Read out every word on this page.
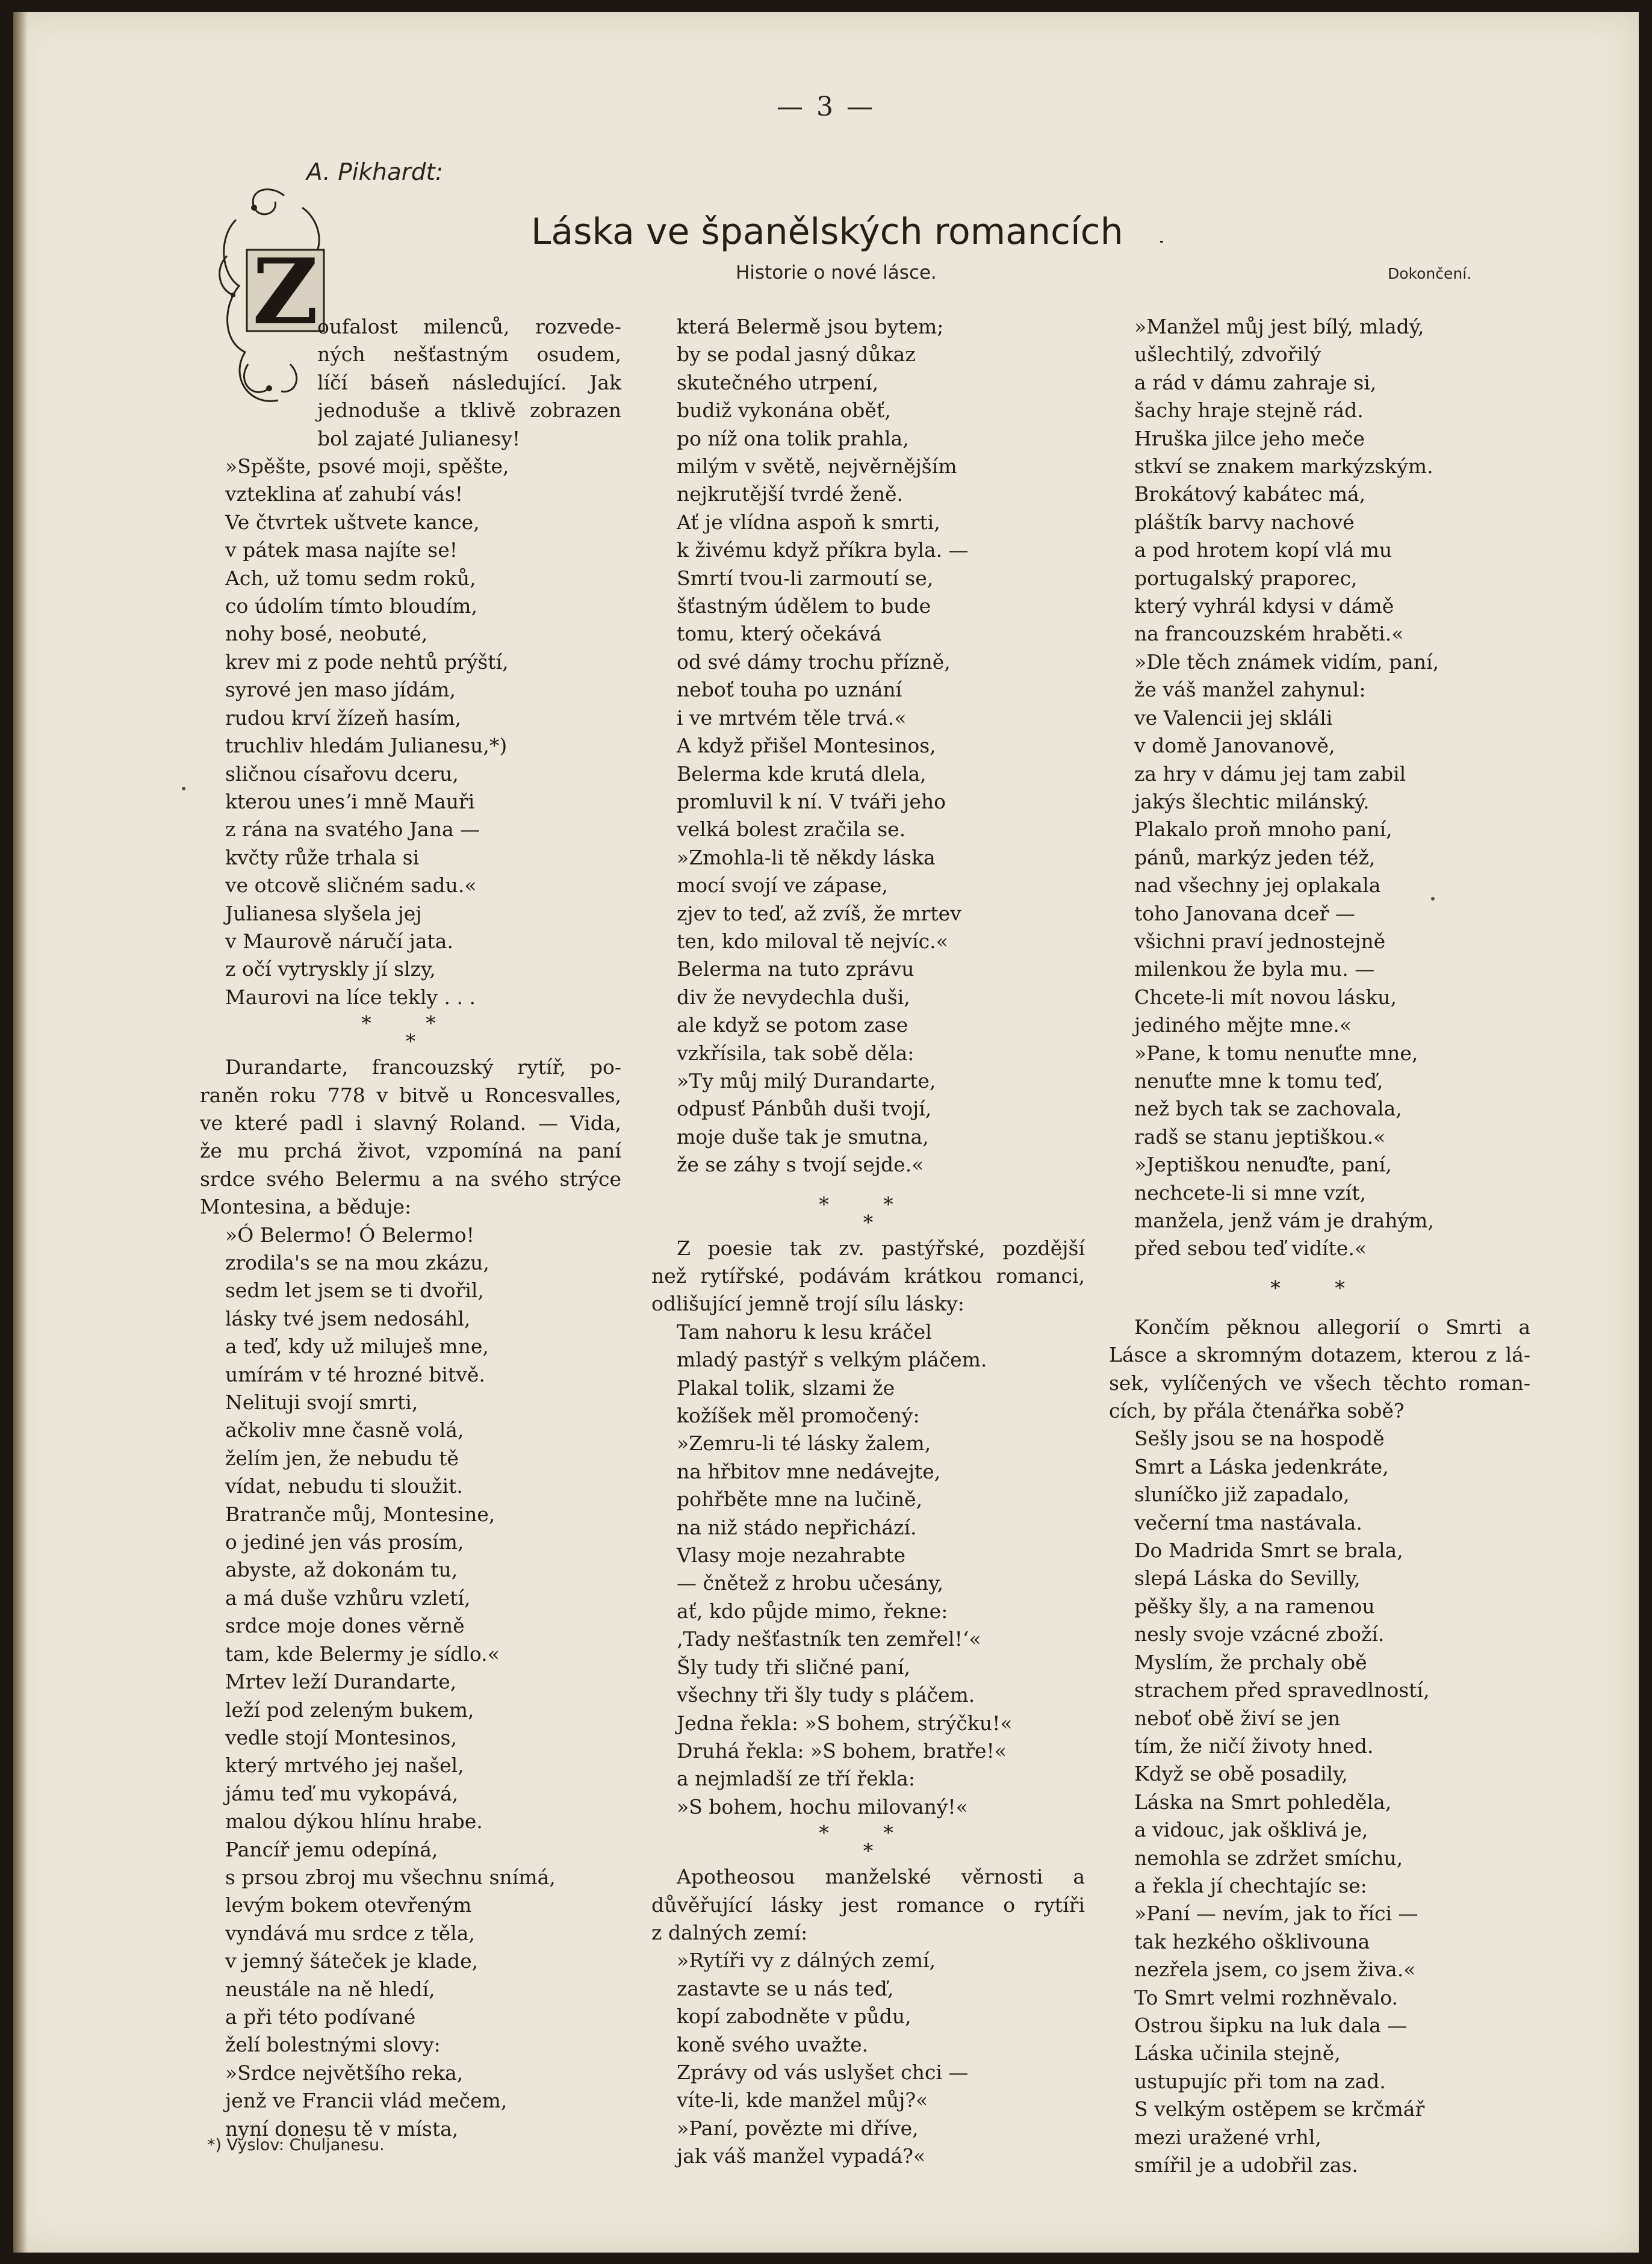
— 3 —
A. Pikhardt:
Z
Láska ve španělských romancích
Historie o nové lásce.	Dokončení.
oufalost milenců, rozvede-
ných nešťastným osudem,
líčí báseň následující. Jak
jednoduše a tklivě zobrazen
bol zajaté Julianesy!
»Spěšte, psové moji, spěšte,
vzteklina ať zahubí vás!
Ve čtvrtek uštvete kance,
v pátek masa najíte se!
Ach, už tomu sedm roků,
co údolím tímto bloudím,
nohy bosé, neobuté,
krev mi z pode nehtů prýští,
syrové jen maso jídám,
rudou krví žízeň hasím,
truchliv hledám Julianesu,*)
sličnou císařovu dceru,
kterou unesʼi mně Mauři
z rána na svatého Jana —
kvčty růže trhala si
ve otcově sličném sadu.«
Julianesa slyšela jej
v Maurově náručí jata.
z očí vytryskly jí slzy,
Maurovi na líce tekly . . .
* *
*
Durandarte, francouzský rytíř, po-
raněn roku 778 v bitvě u Roncesvalles,
ve které padl i slavný Roland. — Vida,
že mu prchá život, vzpomíná na paní
srdce svého Belermu a na svého strýce
Montesina, a běduje:
»Ó Belermo! Ó Belermo!
zrodila's se na mou zkázu,
sedm let jsem se ti dvořil,
lásky tvé jsem nedosáhl,
a teď, kdy už miluješ mne,
umírám v té hrozné bitvě.
Nelituji svojí smrti,
ačkoliv mne časně volá,
želím jen, že nebudu tě
vídat, nebudu ti sloužit.
Bratranče můj, Montesine,
o jediné jen vás prosím,
abyste, až dokonám tu,
a má duše vzhůru vzletí,
srdce moje dones věrně
tam, kde Belermy je sídlo.«
Mrtev leží Durandarte,
leží pod zeleným bukem,
vedle stojí Montesinos,
který mrtvého jej našel,
jámu teď mu vykopává,
malou dýkou hlínu hrabe.
Pancíř jemu odepíná,
s prsou zbroj mu všechnu snímá,
levým bokem otevřeným
vyndává mu srdce z těla,
v jemný šáteček je klade,
neustále na ně hledí,
a při této podívané
želí bolestnými slovy:
»Srdce největšího reka,
jenž ve Francii vlád mečem,
nyní donesu tě v místa,
která Belermě jsou bytem;
by se podal jasný důkaz
skutečného utrpení,
budiž vykonána oběť,
po níž ona tolik prahla,
milým v světě, nejvěrnějším
nejkrutější tvrdé ženě.
Ať je vlídna aspoň k smrti,
k živému když příkra byla. —
Smrtí tvou-li zarmoutí se,
šťastným údělem to bude
tomu, který očekává
od své dámy trochu přízně,
neboť touha po uznání
i ve mrtvém těle trvá.«
A když přišel Montesinos,
Belerma kde krutá dlela,
promluvil k ní. V tváři jeho
velká bolest zračila se.
»Zmohla-li tě někdy láska
mocí svojí ve zápase,
zjev to teď, až zvíš, že mrtev
ten, kdo miloval tě nejvíc.«
Belerma na tuto zprávu
div že nevydechla duši,
ale když se potom zase
vzkřísila, tak sobě děla:
»Ty můj milý Durandarte,
odpusť Pánbůh duši tvojí,
moje duše tak je smutna,
že se záhy s tvojí sejde.«
* *
*
Z poesie tak zv. pastýřské, pozdější
než rytířské, podávám krátkou romanci,
odlišující jemně trojí sílu lásky:
Tam nahoru k lesu kráčel
mladý pastýř s velkým pláčem.
Plakal tolik, slzami že
kožíšek měl promočený:
»Zemru-li té lásky žalem,
na hřbitov mne nedávejte,
pohřběte mne na lučině,
na niž stádo nepřichází.
Vlasy moje nezahrabte
— čnětež z hrobu učesány,
ať, kdo půjde mimo, řekne:
‚Tady nešťastník ten zemřel!‘«
Šly tudy tři sličné paní,
všechny tři šly tudy s pláčem.
Jedna řekla: »S bohem, strýčku!«
Druhá řekla: »S bohem, bratře!«
a nejmladší ze tří řekla:
»S bohem, hochu milovaný!«
* *
*
Apotheosou manželské věrnosti a
důvěřující lásky jest romance o rytíři
z dalných zemí:
»Rytíři vy z dálných zemí,
zastavte se u nás teď,
kopí zabodněte v půdu,
koně svého uvažte.
Zprávy od vás uslyšet chci —
víte-li, kde manžel můj?«
»Paní, povězte mi dříve,
jak váš manžel vypadá?«
»Manžel můj jest bílý, mladý,
ušlechtilý, zdvořilý
a rád v dámu zahraje si,
šachy hraje stejně rád.
Hruška jilce jeho meče
stkví se znakem markýzským.
Brokátový kabátec má,
pláštík barvy nachové
a pod hrotem kopí vlá mu
portugalský praporec,
který vyhrál kdysi v dámě
na francouzském hraběti.«
»Dle těch známek vidím, paní,
že váš manžel zahynul:
ve Valencii jej skláli
v domě Janovanově,
za hry v dámu jej tam zabil
jakýs šlechtic milánský.
Plakalo proň mnoho paní,
pánů, markýz jeden též,
nad všechny jej oplakala
toho Janovana dceř —
všichni praví jednostejně
milenkou že byla mu. —
Chcete-li mít novou lásku,
jediného mějte mne.«
»Pane, k tomu nenuťte mne,
nenuťte mne k tomu teď,
než bych tak se zachovala,
radš se stanu jeptiškou.«
»Jeptiškou nenuďte, paní,
nechcete-li si mne vzít,
manžela, jenž vám je drahým,
před sebou teď vidíte.«
* *
Končím pěknou allegorií o Smrti a
Lásce a skromným dotazem, kterou z lá-
sek, vylíčených ve všech těchto roman-
cích, by přála čtenářka sobě?
Sešly jsou se na hospodě
Smrt a Láska jedenkráte,
sluníčko již zapadalo,
večerní tma nastávala.
Do Madrida Smrt se brala,
slepá Láska do Sevilly,
pěšky šly, a na ramenou
nesly svoje vzácné zboží.
Myslím, že prchaly obě
strachem před spravedlností,
neboť obě živí se jen
tím, že ničí životy hned.
Když se obě posadily,
Láska na Smrt pohleděla,
a vidouc, jak ošklivá je,
nemohla se zdržet smíchu,
a řekla jí chechtajíc se:
»Paní — nevím, jak to říci —
tak hezkého ošklivouna
nezřela jsem, co jsem živa.«
To Smrt velmi rozhněvalo.
Ostrou šipku na luk dala —
Láska učinila stejně,
ustupujíc při tom na zad.
S velkým ostěpem se krčmář
mezi uražené vrhl,
smířil je a udobřil zas.
*) Vyslov: Chuljanesu.
